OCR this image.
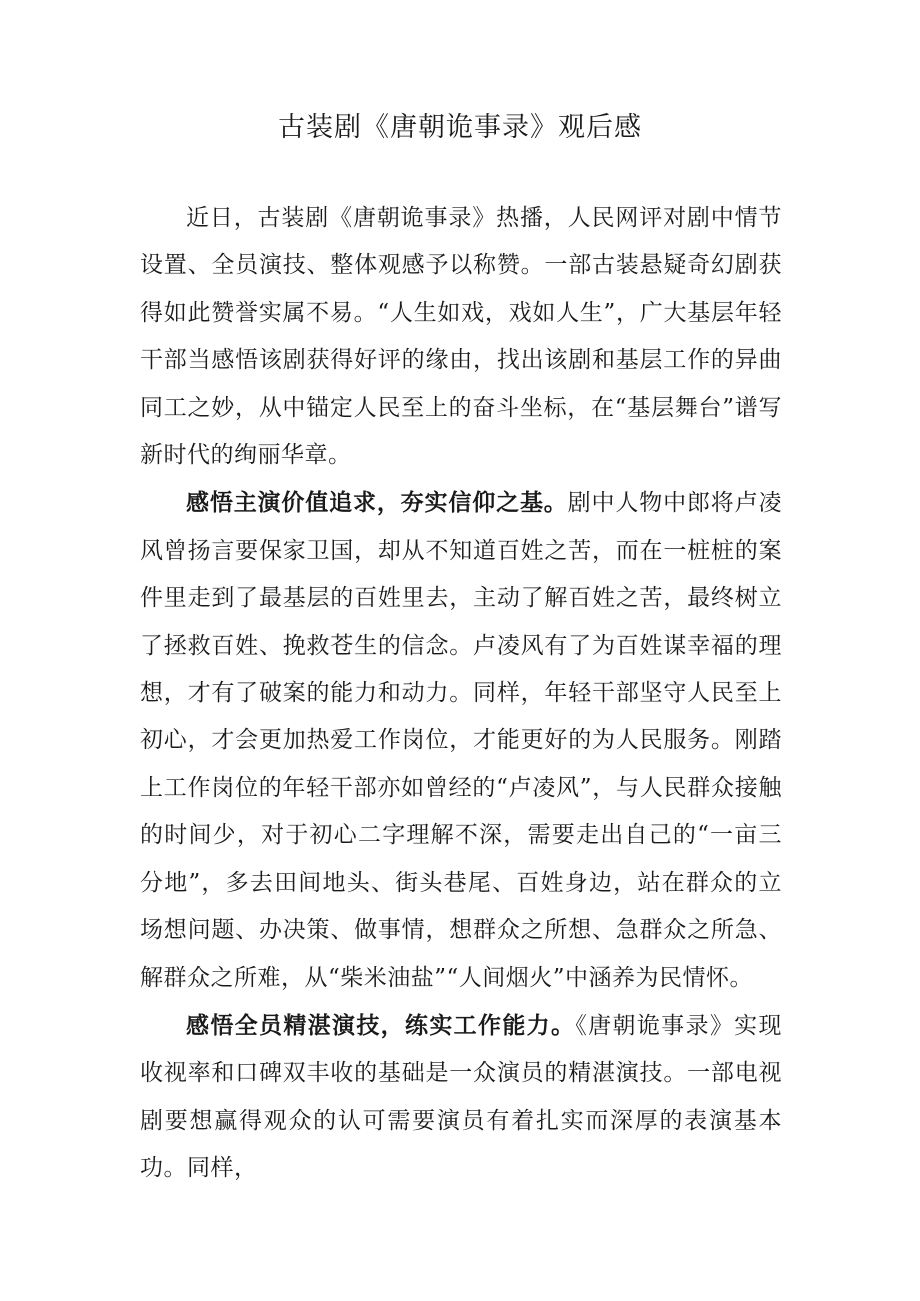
古装剧《唐朝诡事录》观后感

近日，古装剧《唐朝诡事录》热播，人民网评对剧中情节设置、全员演技、整体观感予以称赞。一部古装悬疑奇幻剧获得如此赞誉实属不易。“人生如戏，戏如人生”，广大基层年轻干部当感悟该剧获得好评的缘由，找出该剧和基层工作的异曲同工之妙，从中锚定人民至上的奋斗坐标，在“基层舞台”谱写新时代的绚丽华章。

感悟主演价值追求，夯实信仰之基。剧中人物中郎将卢凌风曾扬言要保家卫国，却从不知道百姓之苦，而在一桩桩的案件里走到了最基层的百姓里去，主动了解百姓之苦，最终树立了拯救百姓、挽救苍生的信念。卢凌风有了为百姓谋幸福的理想，才有了破案的能力和动力。同样，年轻干部坚守人民至上初心，才会更加热爱工作岗位，才能更好的为人民服务。刚踏上工作岗位的年轻干部亦如曾经的“卢凌风”，与人民群众接触的时间少，对于初心二字理解不深，需要走出自己的“一亩三分地”，多去田间地头、街头巷尾、百姓身边，站在群众的立场想问题、办决策、做事情，想群众之所想、急群众之所急、解群众之所难，从“柴米油盐”“人间烟火”中涵养为民情怀。

感悟全员精湛演技，练实工作能力。《唐朝诡事录》实现收视率和口碑双丰收的基础是一众演员的精湛演技。一部电视剧要想赢得观众的认可需要演员有着扎实而深厚的表演基本功。同样，
